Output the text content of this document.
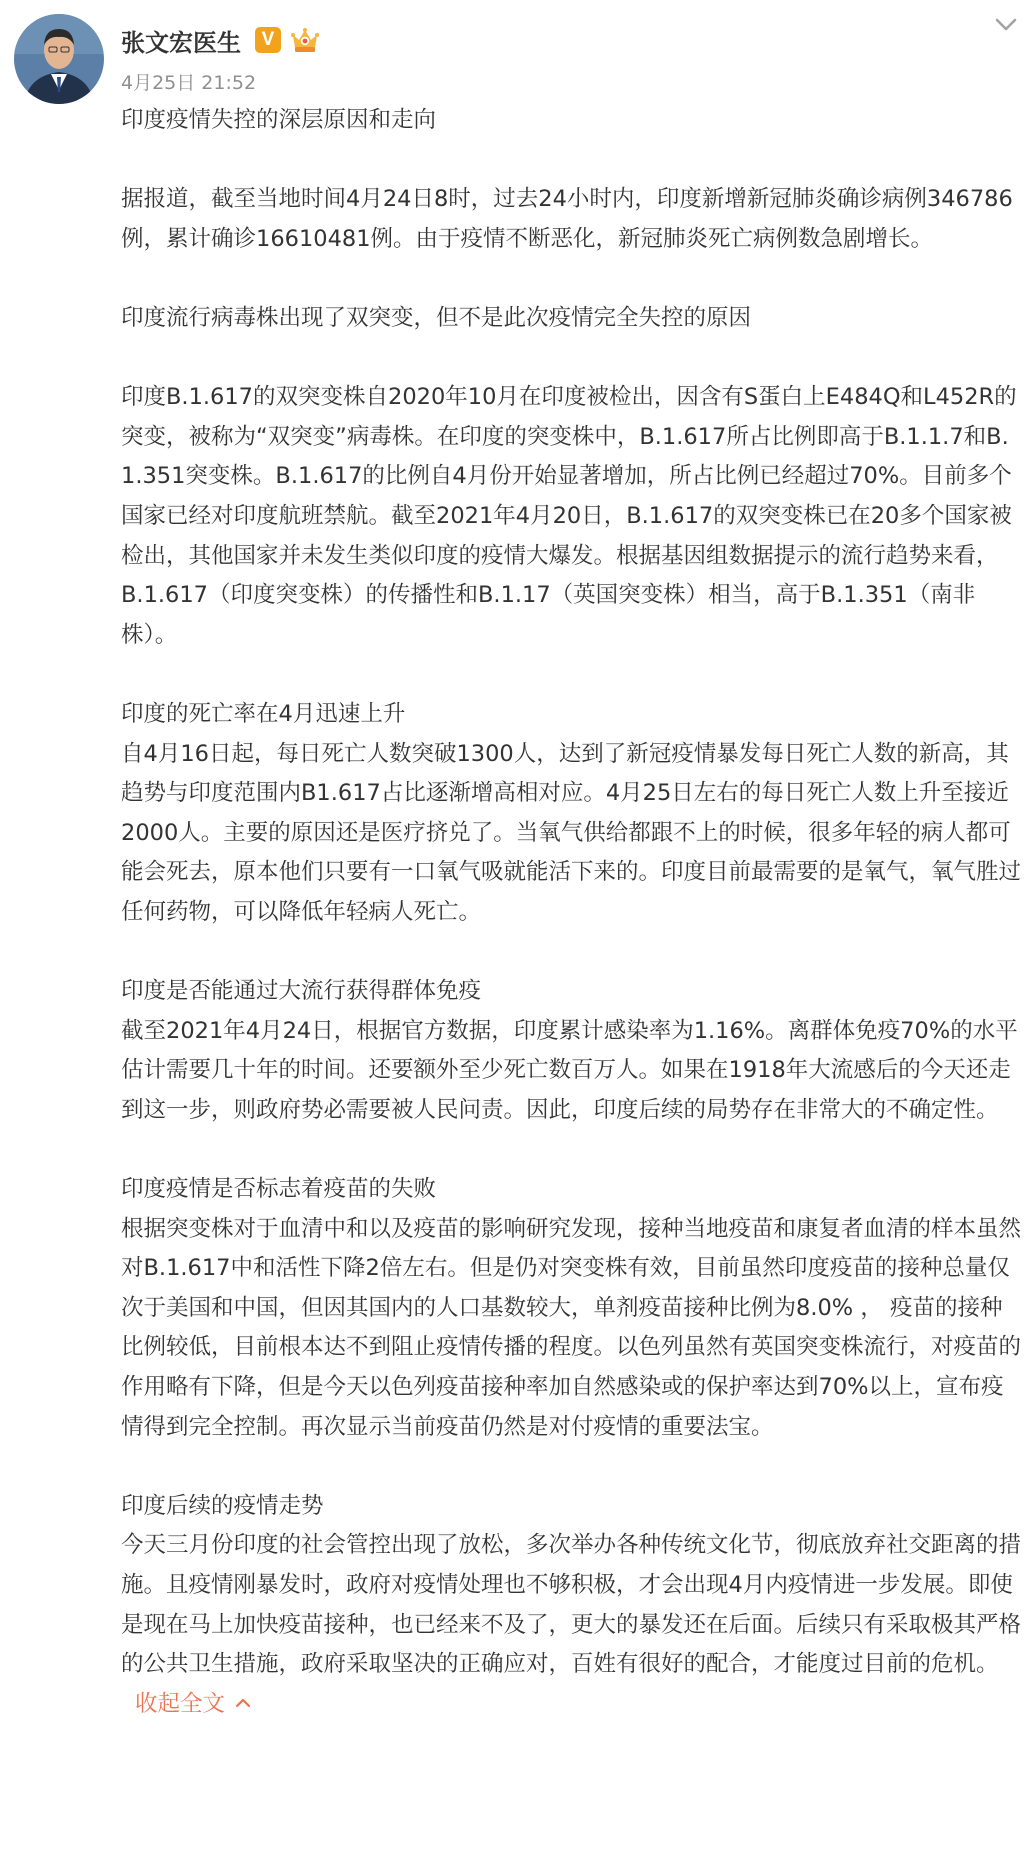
张文宏医生	V
4月25日 21:52

印度疫情失控的深层原因和走向

据报道，截至当地时间4月24日8时，过去24小时内，印度新增新冠肺炎确诊病例346786例，累计确诊16610481例。由于疫情不断恶化，新冠肺炎死亡病例数急剧增长。

印度流行病毒株出现了双突变，但不是此次疫情完全失控的原因

印度B.1.617的双突变株自2020年10月在印度被检出，因含有S蛋白上E484Q和L452R的突变，被称为“双突变”病毒株。在印度的突变株中，B.1.617所占比例即高于B.1.1.7和B.1.351突变株。B.1.617的比例自4月份开始显著增加，所占比例已经超过70%。目前多个国家已经对印度航班禁航。截至2021年4月20日，B.1.617的双突变株已在20多个国家被检出，其他国家并未发生类似印度的疫情大爆发。根据基因组数据提示的流行趋势来看，B.1.617（印度突变株）的传播性和B.1.17（英国突变株）相当，高于B.1.351（南非株）。

印度的死亡率在4月迅速上升
自4月16日起，每日死亡人数突破1300人，达到了新冠疫情暴发每日死亡人数的新高，其趋势与印度范围内B1.617占比逐渐增高相对应。4月25日左右的每日死亡人数上升至接近2000人。主要的原因还是医疗挤兑了。当氧气供给都跟不上的时候，很多年轻的病人都可能会死去，原本他们只要有一口氧气吸就能活下来的。印度目前最需要的是氧气，氧气胜过任何药物，可以降低年轻病人死亡。

印度是否能通过大流行获得群体免疫
截至2021年4月24日，根据官方数据，印度累计感染率为1.16%。离群体免疫70%的水平估计需要几十年的时间。还要额外至少死亡数百万人。如果在1918年大流感后的今天还走到这一步，则政府势必需要被人民问责。因此，印度后续的局势存在非常大的不确定性。

印度疫情是否标志着疫苗的失败
根据突变株对于血清中和以及疫苗的影响研究发现，接种当地疫苗和康复者血清的样本虽然对B.1.617中和活性下降2倍左右。但是仍对突变株有效，目前虽然印度疫苗的接种总量仅次于美国和中国，但因其国内的人口基数较大，单剂疫苗接种比例为8.0% ， 疫苗的接种比例较低，目前根本达不到阻止疫情传播的程度。以色列虽然有英国突变株流行，对疫苗的作用略有下降，但是今天以色列疫苗接种率加自然感染或的保护率达到70%以上，宣布疫情得到完全控制。再次显示当前疫苗仍然是对付疫情的重要法宝。

印度后续的疫情走势
今天三月份印度的社会管控出现了放松，多次举办各种传统文化节，彻底放弃社交距离的措施。且疫情刚暴发时，政府对疫情处理也不够积极，才会出现4月内疫情进一步发展。即使是现在马上加快疫苗接种，也已经来不及了，更大的暴发还在后面。后续只有采取极其严格的公共卫生措施，政府采取坚决的正确应对，百姓有很好的配合，才能度过目前的危机。收起全文
